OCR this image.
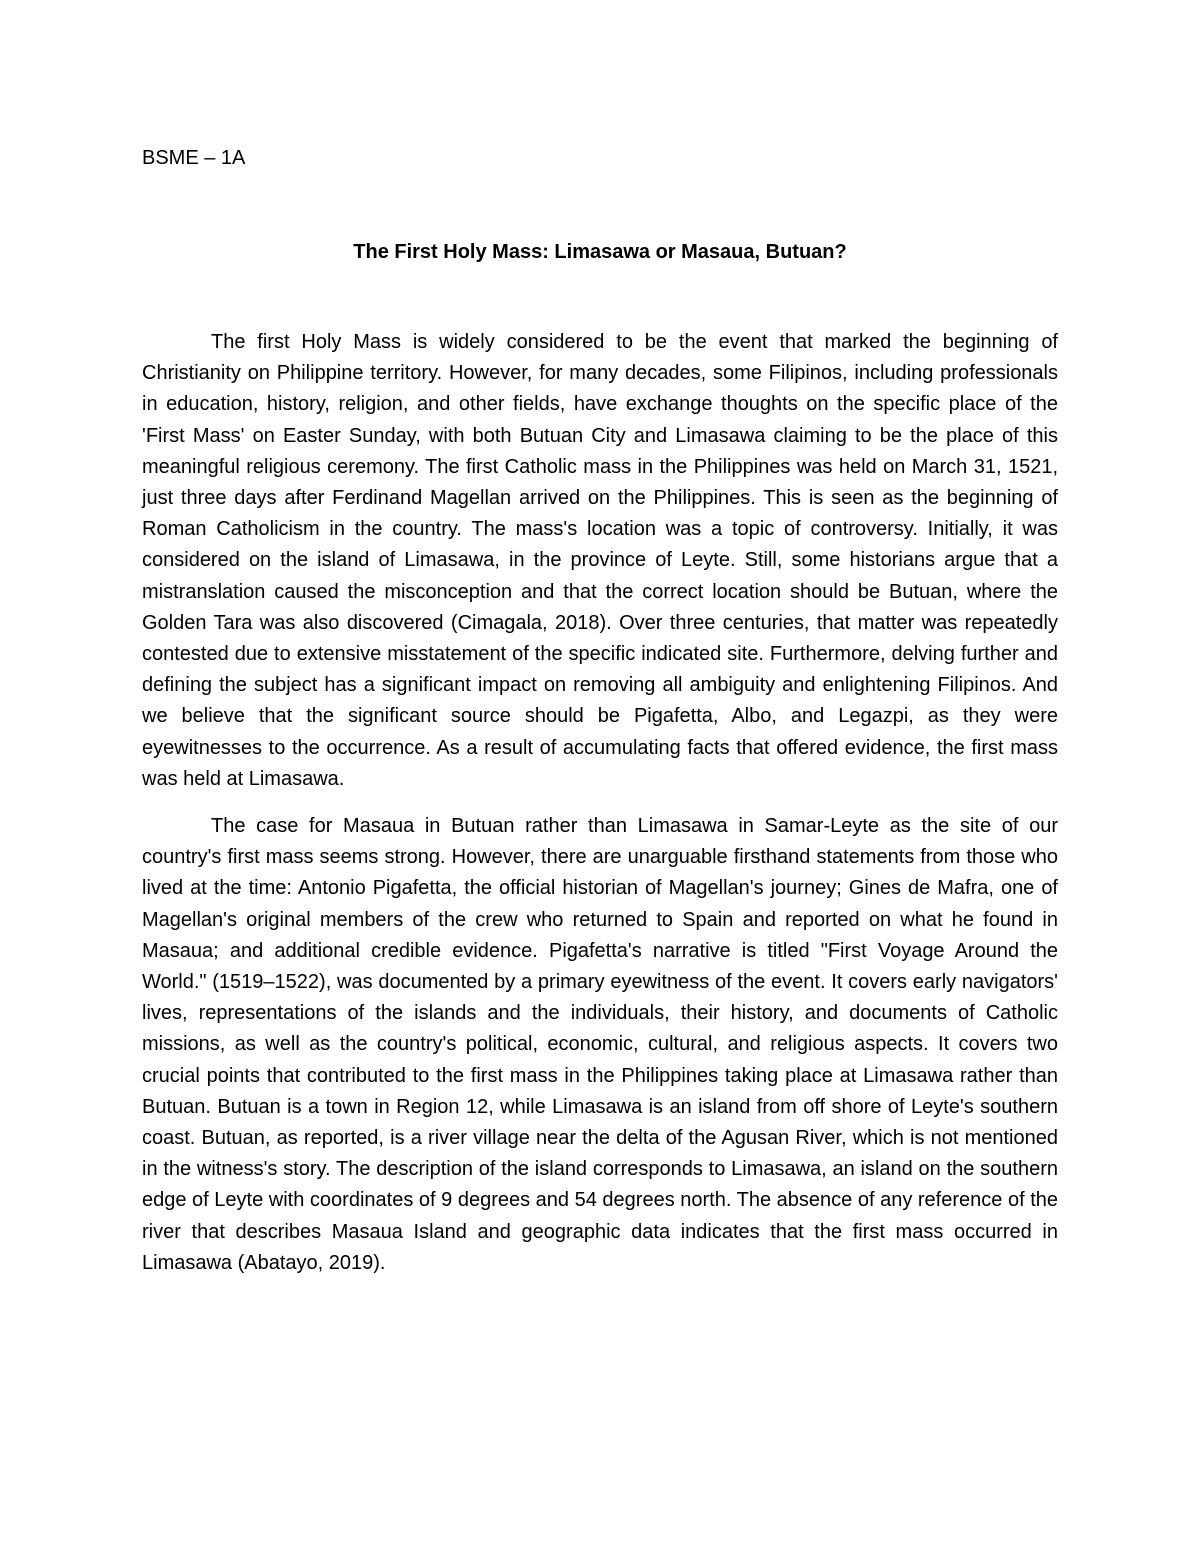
BSME – 1A

The First Holy Mass: Limasawa or Masaua, Butuan?

The first Holy Mass is widely considered to be the event that marked the beginning of Christianity on Philippine territory. However, for many decades, some Filipinos, including professionals in education, history, religion, and other fields, have exchange thoughts on the specific place of the 'First Mass' on Easter Sunday, with both Butuan City and Limasawa claiming to be the place of this meaningful religious ceremony. The first Catholic mass in the Philippines was held on March 31, 1521, just three days after Ferdinand Magellan arrived on the Philippines. This is seen as the beginning of Roman Catholicism in the country. The mass's location was a topic of controversy. Initially, it was considered on the island of Limasawa, in the province of Leyte. Still, some historians argue that a mistranslation caused the misconception and that the correct location should be Butuan, where the Golden Tara was also discovered (Cimagala, 2018). Over three centuries, that matter was repeatedly contested due to extensive misstatement of the specific indicated site. Furthermore, delving further and defining the subject has a significant impact on removing all ambiguity and enlightening Filipinos. And we believe that the significant source should be Pigafetta, Albo, and Legazpi, as they were eyewitnesses to the occurrence. As a result of accumulating facts that offered evidence, the first mass was held at Limasawa.

The case for Masaua in Butuan rather than Limasawa in Samar-Leyte as the site of our country's first mass seems strong. However, there are unarguable firsthand statements from those who lived at the time: Antonio Pigafetta, the official historian of Magellan's journey; Gines de Mafra, one of Magellan's original members of the crew who returned to Spain and reported on what he found in Masaua; and additional credible evidence. Pigafetta's narrative is titled "First Voyage Around the World." (1519–1522), was documented by a primary eyewitness of the event. It covers early navigators' lives, representations of the islands and the individuals, their history, and documents of Catholic missions, as well as the country's political, economic, cultural, and religious aspects. It covers two crucial points that contributed to the first mass in the Philippines taking place at Limasawa rather than Butuan. Butuan is a town in Region 12, while Limasawa is an island from off shore of Leyte's southern coast. Butuan, as reported, is a river village near the delta of the Agusan River, which is not mentioned in the witness's story. The description of the island corresponds to Limasawa, an island on the southern edge of Leyte with coordinates of 9 degrees and 54 degrees north. The absence of any reference of the river that describes Masaua Island and geographic data indicates that the first mass occurred in Limasawa (Abatayo, 2019).
